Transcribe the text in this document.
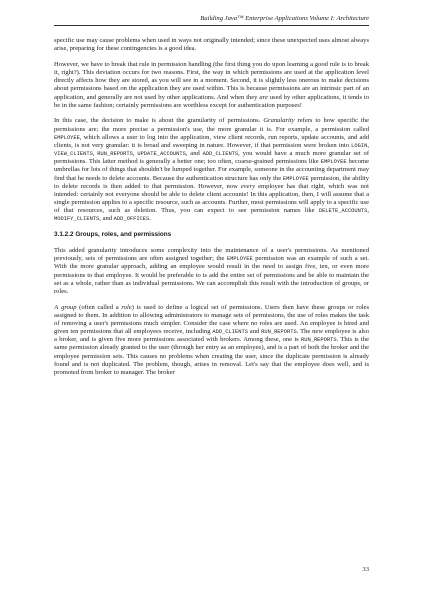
Building Java™ Enterprise Applications Volume I: Architecture

specific use may cause problems when used in ways not originally intended; since these unexpected uses almost always arise, preparing for these contingencies is a good idea.

However, we have to break that rule in permission handling (the first thing you do upon learning a good rule is to break it, right?). This deviation occurs for two reasons. First, the way in which permissions are used at the application level directly affects how they are stored, as you will see in a moment. Second, it is slightly less onerous to make decisions about permissions based on the application they are used within. This is because permissions are an intrinsic part of an application, and generally are not used by other applications. And when they are used by other applications, it tends to be in the same fashion; certainly permissions are worthless except for authentication purposes!

In this case, the decision to make is about the granularity of permissions. Granularity refers to how specific the permissions are; the more precise a permission's use, the more granular it is. For example, a permission called EMPLOYEE, which allows a user to log into the application, view client records, run reports, update accounts, and add clients, is not very granular: it is broad and sweeping in nature. However, if that permission were broken into LOGIN, VIEW_CLIENTS, RUN_REPORTS, UPDATE_ACCOUNTS, and ADD_CLIENTS, you would have a much more granular set of permissions. This latter method is generally a better one; too often, coarse-grained permissions like EMPLOYEE become umbrellas for lots of things that shouldn't be lumped together. For example, someone in the accounting department may find that he needs to delete accounts. Because the authentication structure has only the EMPLOYEE permission, the ability to delete records is then added to that permission. However, now every employee has that right, which was not intended: certainly not everyone should be able to delete client accounts! In this application, then, I will assume that a single permission applies to a specific resource, such as accounts. Further, most permissions will apply to a specific use of that resources, such as deletion. Thus, you can expect to see permission names like DELETE_ACCOUNTS, MODIFY_CLIENTS, and ADD_OFFICES.

3.1.2.2 Groups, roles, and permissions

This added granularity introduces some complexity into the maintenance of a user's permissions. As mentioned previously, sets of permissions are often assigned together; the EMPLOYEE permission was an example of such a set. With the more granular approach, adding an employee would result in the need to assign five, ten, or even more permissions to that employee. It would be preferable to is add the entire set of permissions and be able to maintain the set as a whole, rather than as individual permissions. We can accomplish this result with the introduction of groups, or roles.

A group (often called a role) is used to define a logical set of permissions. Users then have these groups or roles assigned to them. In addition to allowing administrators to manage sets of permissions, the use of roles makes the task of removing a user's permissions much simpler. Consider the case where no roles are used. An employee is hired and given ten permissions that all employees receive, including ADD_CLIENTS and RUN_REPORTS. The new employee is also a broker, and is given five more permissions associated with brokers. Among these, one is RUN_REPORTS. This is the same permission already granted to the user (through her entry as an employee), and is a part of both the broker and the employee permission sets. This causes no problems when creating the user, since the duplicate permission is already found and is not duplicated. The problem, though, arises in removal. Let's say that the employee does well, and is promoted from broker to manager. The broker

33
